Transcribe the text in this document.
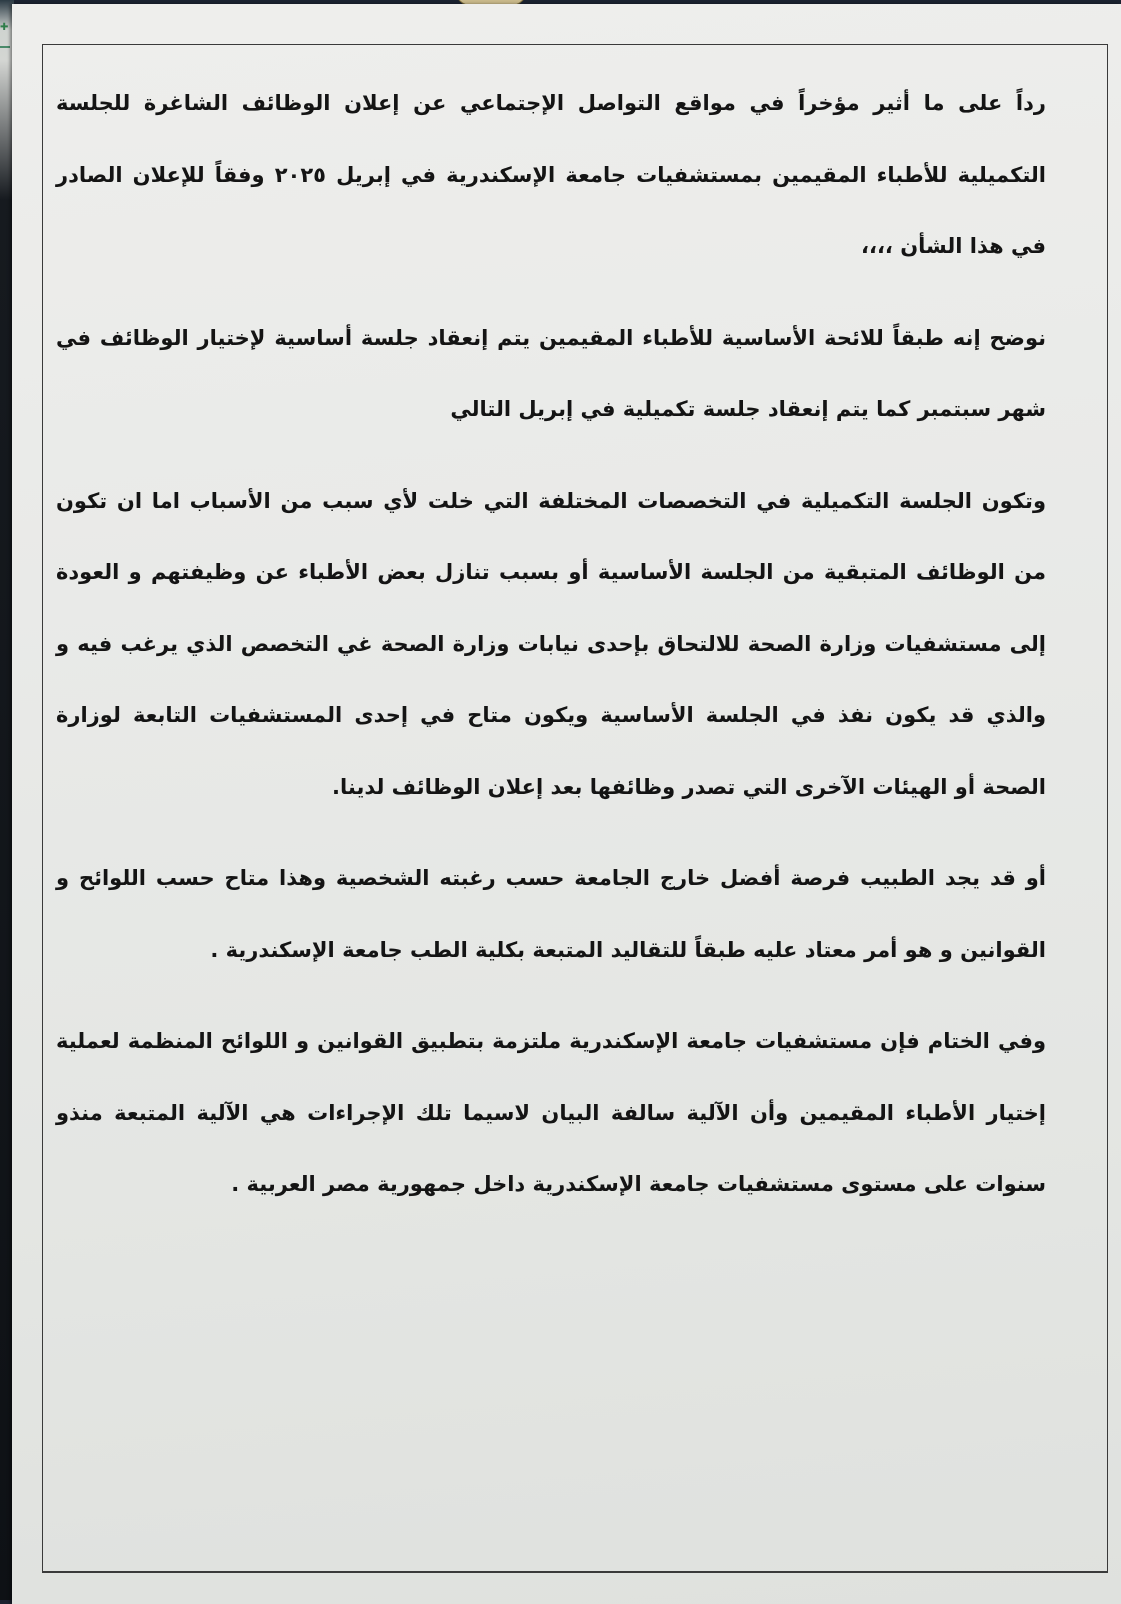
✚

رداً على ما أثير مؤخراً في مواقع التواصل الإجتماعي عن إعلان الوظائف الشاغرة للجلسة التكميلية للأطباء المقيمين بمستشفيات جامعة الإسكندرية في إبريل ٢٠٢٥ وفقاً للإعلان الصادر في هذا الشأن ،،،،

نوضح إنه طبقاً للائحة الأساسية للأطباء المقيمين يتم إنعقاد جلسة أساسية لإختيار الوظائف في شهر سبتمبر كما يتم إنعقاد جلسة تكميلية في إبريل التالي

وتكون الجلسة التكميلية في التخصصات المختلفة التي خلت لأي سبب من الأسباب اما ان تكون من الوظائف المتبقية من الجلسة الأساسية أو بسبب تنازل بعض الأطباء عن وظيفتهم و العودة إلى مستشفيات وزارة الصحة للالتحاق بإحدى نيابات وزارة الصحة غي التخصص الذي يرغب فيه و والذي قد يكون نفذ في الجلسة الأساسية ويكون متاح في إحدى المستشفيات التابعة لوزارة الصحة أو الهيئات الآخرى التي تصدر وظائفها بعد إعلان الوظائف لدينا.

أو قد يجد الطبيب فرصة أفضل خارج الجامعة حسب رغبته الشخصية وهذا متاح حسب اللوائح و القوانين و هو أمر معتاد عليه طبقاً للتقاليد المتبعة بكلية الطب جامعة الإسكندرية .

وفي الختام فإن مستشفيات جامعة الإسكندرية ملتزمة بتطبيق القوانين و اللوائح المنظمة لعملية إختيار الأطباء المقيمين وأن الآلية سالفة البيان لاسيما تلك الإجراءات هي الآلية المتبعة منذو سنوات على مستوى مستشفيات جامعة الإسكندرية داخل جمهورية مصر العربية .
